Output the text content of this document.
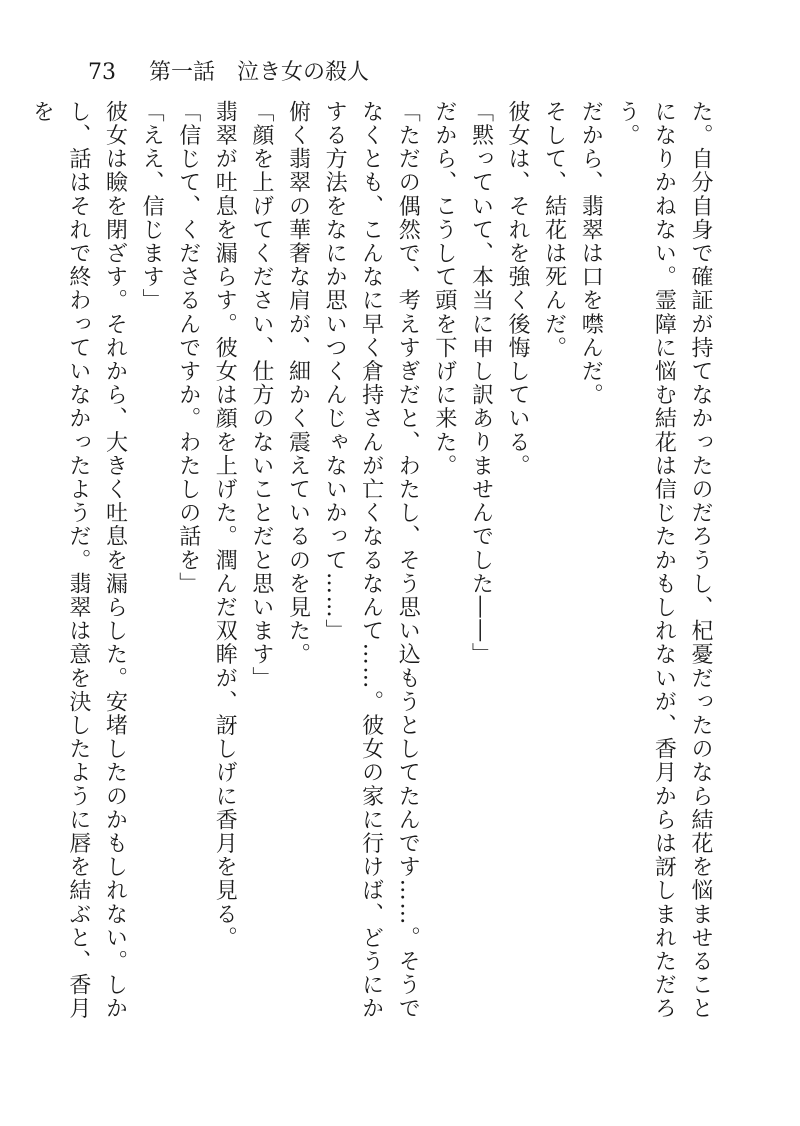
73 第一話　泣き女の殺人

た。自分自身で確証が持てなかったのだろうし、杞憂だったのなら結花を悩ませることになりかねない。霊障に悩む結花は信じたかもしれないが、香月からは訝しまれただろう。

だから、翡翠は口を噤んだ。

そして、結花は死んだ。

彼女は、それを強く後悔している。

「黙っていて、本当に申し訳ありませんでした――」

だから、こうして頭を下げに来た。

「ただの偶然で、考えすぎだと、わたし、そう思い込もうとしてたんです……。そうでなくとも、こんなに早く倉持さんが亡くなるなんて……。彼女の家に行けば、どうにかする方法をなにか思いつくんじゃないかって……」

俯く翡翠の華奢な肩が、細かく震えているのを見た。

「顔を上げてください、仕方のないことだと思います」

翡翠が吐息を漏らす。彼女は顔を上げた。潤んだ双眸が、訝しげに香月を見る。

「信じて、くださるんですか。わたしの話を」

「ええ、信じます」

彼女は瞼を閉ざす。それから、大きく吐息を漏らした。安堵したのかもしれない。しかし、話はそれで終わっていなかったようだ。翡翠は意を決したように唇を結ぶと、香月を
